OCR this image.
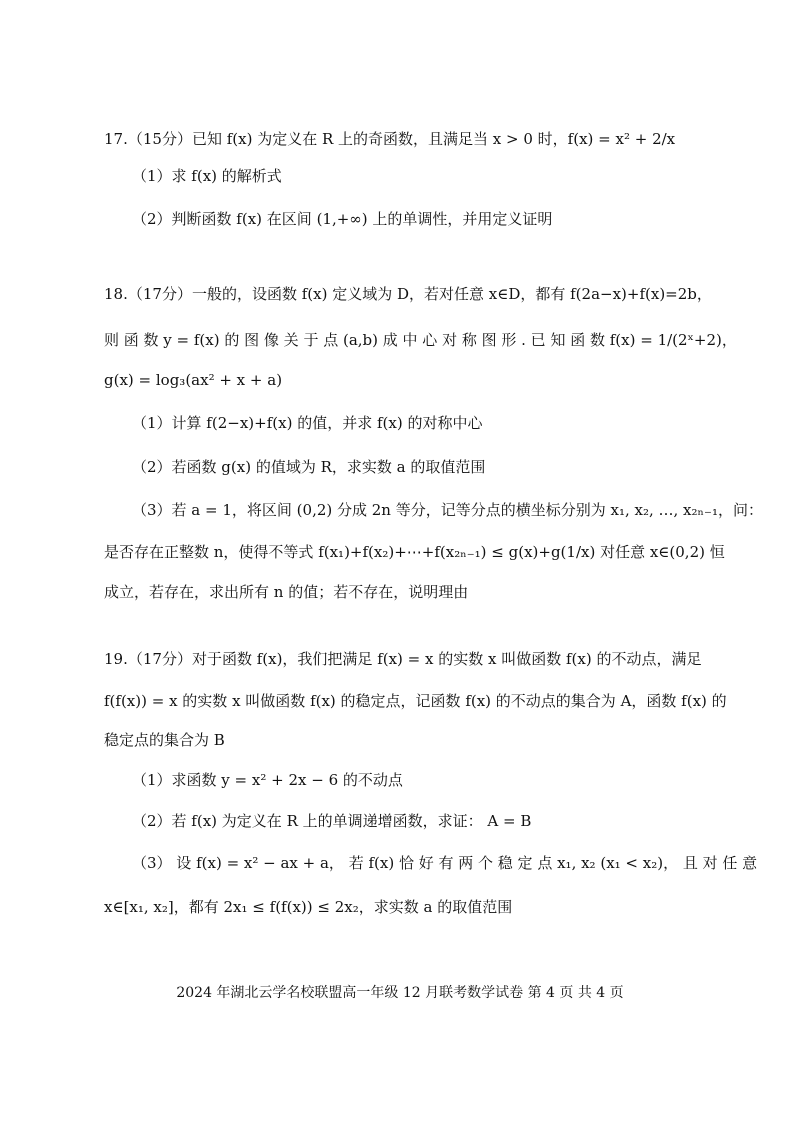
17.（15分）已知 f(x) 为定义在 R 上的奇函数，且满足当 x > 0 时，f(x) = x² + 2/x
（1）求 f(x) 的解析式
（2）判断函数 f(x) 在区间 (1,+∞) 上的单调性，并用定义证明
18.（17分）一般的，设函数 f(x) 定义域为 D，若对任意 x∈D，都有 f(2a−x)+f(x)=2b，
则 函 数 y = f(x) 的 图 像 关 于 点 (a,b) 成 中 心 对 称 图 形 . 已 知 函 数 f(x) = 1/(2ˣ+2)，
g(x) = log₃(ax² + x + a)
（1）计算 f(2−x)+f(x) 的值，并求 f(x) 的对称中心
（2）若函数 g(x) 的值域为 R，求实数 a 的取值范围
（3）若 a = 1，将区间 (0,2) 分成 2n 等分，记等分点的横坐标分别为 x₁, x₂, …, x₂ₙ₋₁，问：
是否存在正整数 n，使得不等式 f(x₁)+f(x₂)+⋯+f(x₂ₙ₋₁) ≤ g(x)+g(1/x) 对任意 x∈(0,2) 恒
成立，若存在，求出所有 n 的值；若不存在，说明理由
19.（17分）对于函数 f(x)，我们把满足 f(x) = x 的实数 x 叫做函数 f(x) 的不动点，满足
f(f(x)) = x 的实数 x 叫做函数 f(x) 的稳定点，记函数 f(x) 的不动点的集合为 A，函数 f(x) 的
稳定点的集合为 B
（1）求函数 y = x² + 2x − 6 的不动点
（2）若 f(x) 为定义在 R 上的单调递增函数，求证： A = B
（3） 设 f(x) = x² − ax + a， 若 f(x) 恰 好 有 两 个 稳 定 点 x₁, x₂ (x₁ < x₂)， 且 对 任 意
x∈[x₁, x₂]，都有 2x₁ ≤ f(f(x)) ≤ 2x₂，求实数 a 的取值范围
2024 年湖北云学名校联盟高一年级 12 月联考数学试卷 第 4 页 共 4 页
